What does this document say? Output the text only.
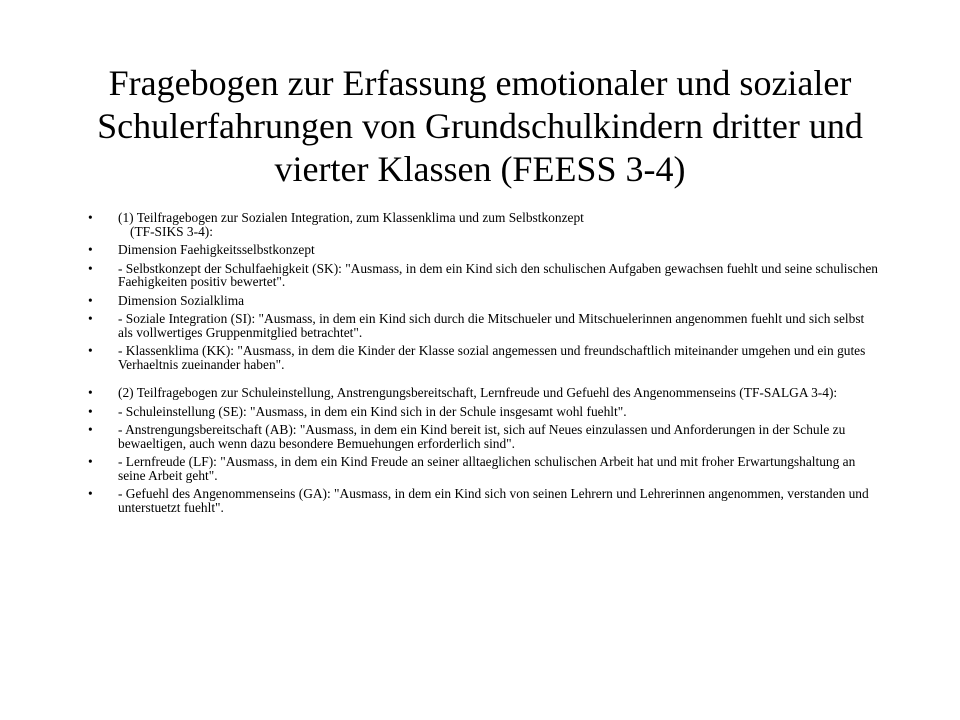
Fragebogen zur Erfassung emotionaler und sozialer Schulerfahrungen von Grundschulkindern dritter und vierter Klassen (FEESS 3-4)
• (1) Teilfragebogen zur Sozialen Integration, zum Klassenklima und zum Selbstkonzept
(TF-SIKS 3-4):
• Dimension Faehigkeitsselbstkonzept
• - Selbstkonzept der Schulfaehigkeit (SK): "Ausmass, in dem ein Kind sich den schulischen Aufgaben gewachsen fuehlt und seine schulischen Faehigkeiten positiv bewertet".
• Dimension Sozialklima
• - Soziale Integration (SI): "Ausmass, in dem ein Kind sich durch die Mitschueler und Mitschuelerinnen angenommen fuehlt und sich selbst als vollwertiges Gruppenmitglied betrachtet".
• - Klassenklima (KK): "Ausmass, in dem die Kinder der Klasse sozial angemessen und freundschaftlich miteinander umgehen und ein gutes Verhaeltnis zueinander haben".
• (2) Teilfragebogen zur Schuleinstellung, Anstrengungsbereitschaft, Lernfreude und Gefuehl des Angenommenseins (TF-SALGA 3-4):
• - Schuleinstellung (SE): "Ausmass, in dem ein Kind sich in der Schule insgesamt wohl fuehlt".
• - Anstrengungsbereitschaft (AB): "Ausmass, in dem ein Kind bereit ist, sich auf Neues einzulassen und Anforderungen in der Schule zu bewaeltigen, auch wenn dazu besondere Bemuehungen erforderlich sind".
• - Lernfreude (LF): "Ausmass, in dem ein Kind Freude an seiner alltaeglichen schulischen Arbeit hat und mit froher Erwartungshaltung an seine Arbeit geht".
• - Gefuehl des Angenommenseins (GA): "Ausmass, in dem ein Kind sich von seinen Lehrern und Lehrerinnen angenommen, verstanden und unterstuetzt fuehlt".
